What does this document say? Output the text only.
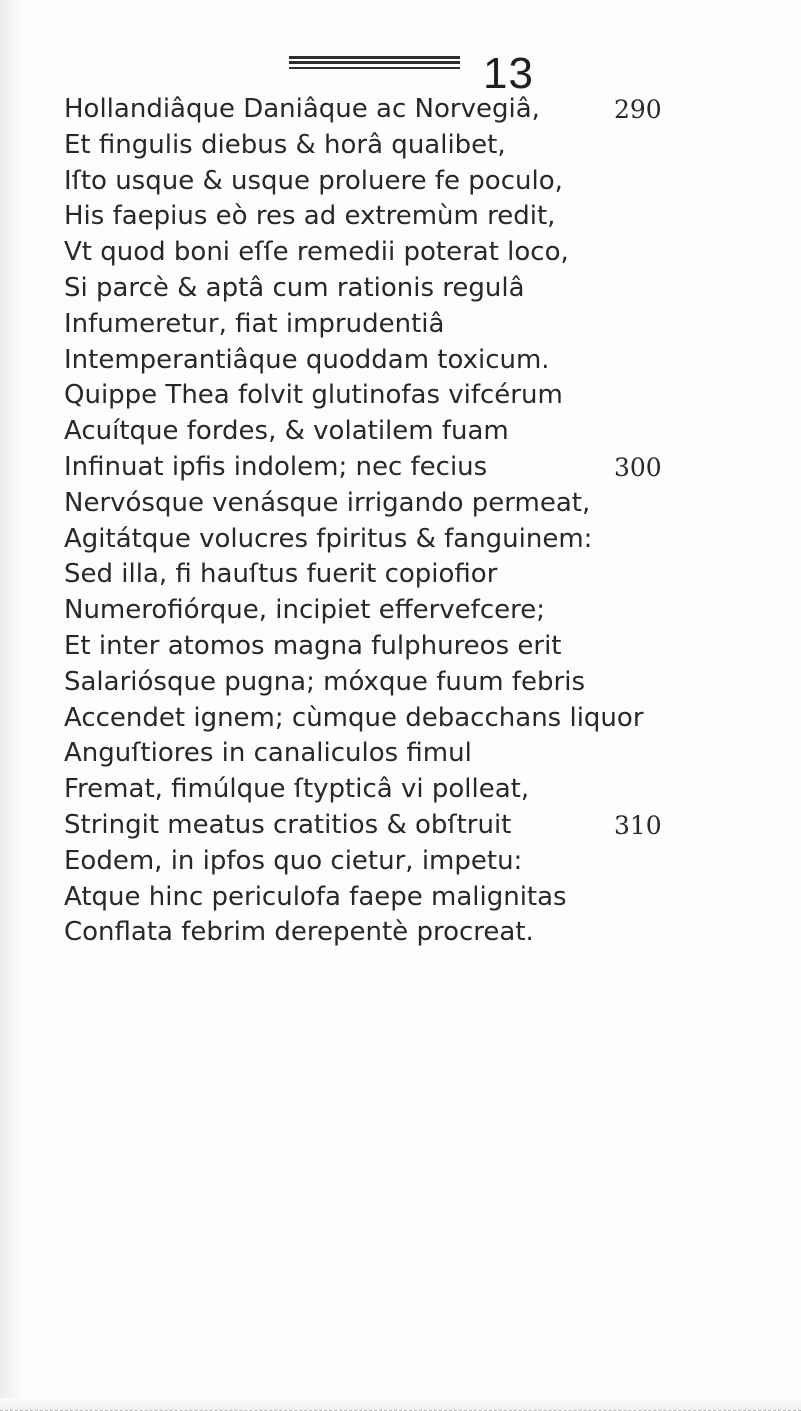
13
Hollandiâque Daniâque ac Norvegiâ,	290
Et fingulis diebus & horâ qualibet,
Iſto usque & usque proluere fe poculo,
His faepius eò res ad extremùm redit,
Vt quod boni eſſe remedii poterat loco,
Si parcè & aptâ cum rationis regulâ
Infumeretur, fiat imprudentiâ
Intemperantiâque quoddam toxicum.
Quippe Thea folvit glutinofas vifcérum
Acuítque fordes, & volatilem fuam
Infinuat ipfis indolem; nec fecius	300
Nervósque venásque irrigando permeat,
Agitátque volucres fpiritus & fanguinem:
Sed illa, fi hauſtus fuerit copiofior
Numerofiórque, incipiet effervefcere;
Et inter atomos magna fulphureos erit
Salariósque pugna; móxque fuum febris
Accendet ignem; cùmque debacchans liquor
Anguſtiores in canaliculos fimul
Fremat, fimúlque ſtypticâ vi polleat,
Stringit meatus cratitios & obſtruit	310
Eodem, in ipfos quo cietur, impetu:
Atque hinc periculofa faepe malignitas
Conflata febrim derepentè procreat.
